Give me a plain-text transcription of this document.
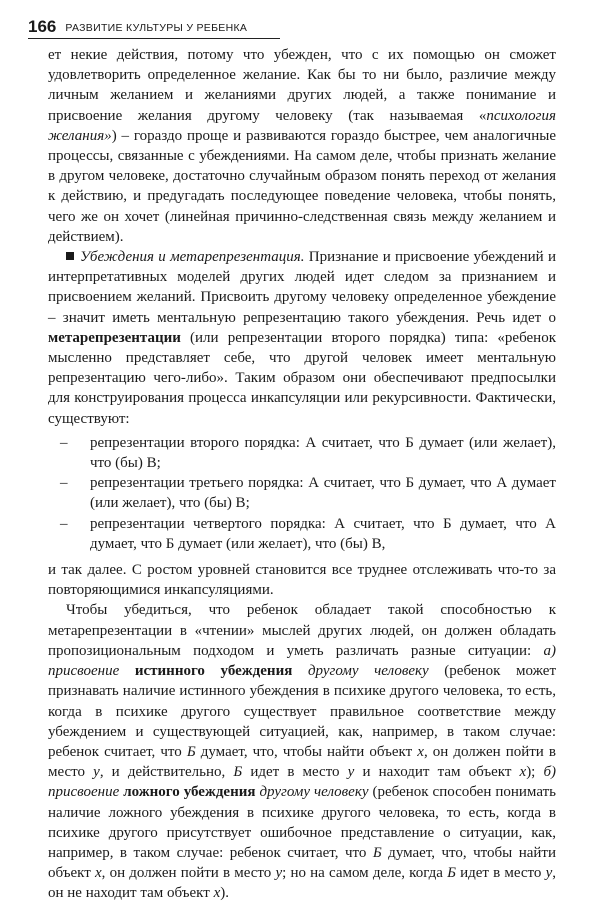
166 РАЗВИТИЕ КУЛЬТУРЫ У РЕБЕНКА

ет некие действия, потому что убежден, что с их помощью он сможет удовлетворить определенное желание. Как бы то ни было, различие между личным желанием и желаниями других людей, а также понимание и присвоение желания другому человеку (так называемая «психология желания») – гораздо проще и развиваются гораздо быстрее, чем аналогичные процессы, связанные с убеждениями. На самом деле, чтобы признать желание в другом человеке, достаточно случайным образом понять переход от желания к действию, и предугадать последующее поведение человека, чтобы понять, чего же он хочет (линейная причинно-следственная связь между желанием и действием).

Убеждения и метарепрезентация. Признание и присвоение убеждений и интерпретативных моделей других людей идет следом за признанием и присвоением желаний. Присвоить другому человеку определенное убеждение – значит иметь ментальную репрезентацию такого убеждения. Речь идет о метарепрезентации (или репрезентации второго порядка) типа: «ребенок мысленно представляет себе, что другой человек имеет ментальную репрезентацию чего-либо». Таким образом они обеспечивают предпосылки для конструирования процесса инкапсуляции или рекурсивности. Фактически, существуют:

– репрезентации второго порядка: А считает, что Б думает (или желает), что (бы) В;
– репрезентации третьего порядка: А считает, что Б думает, что А думает (или желает), что (бы) В;
– репрезентации четвертого порядка: А считает, что Б думает, что А думает, что Б думает (или желает), что (бы) В,

и так далее. С ростом уровней становится все труднее отслеживать что-то за повторяющимися инкапсуляциями.

Чтобы убедиться, что ребенок обладает такой способностью к метарепрезентации в «чтении» мыслей других людей, он должен обладать пропозициональным подходом и уметь различать разные ситуации: а) присвоение истинного убеждения другому человеку (ребенок может признавать наличие истинного убеждения в психике другого человека, то есть, когда в психике другого существует правильное соответствие между убеждением и существующей ситуацией, как, например, в таком случае: ребенок считает, что Б думает, что, чтобы найти объект x, он должен пойти в место y, и действительно, Б идет в место y и находит там объект x); б) присвоение ложного убеждения другому человеку (ребенок способен понимать наличие ложного убеждения в психике другого человека, то есть, когда в психике другого присутствует ошибочное представление о ситуации, как, например, в таком случае: ребенок считает, что Б думает, что, чтобы найти объект x, он должен пойти в место y; но на самом деле, когда Б идет в место y, он не находит там объект x).
